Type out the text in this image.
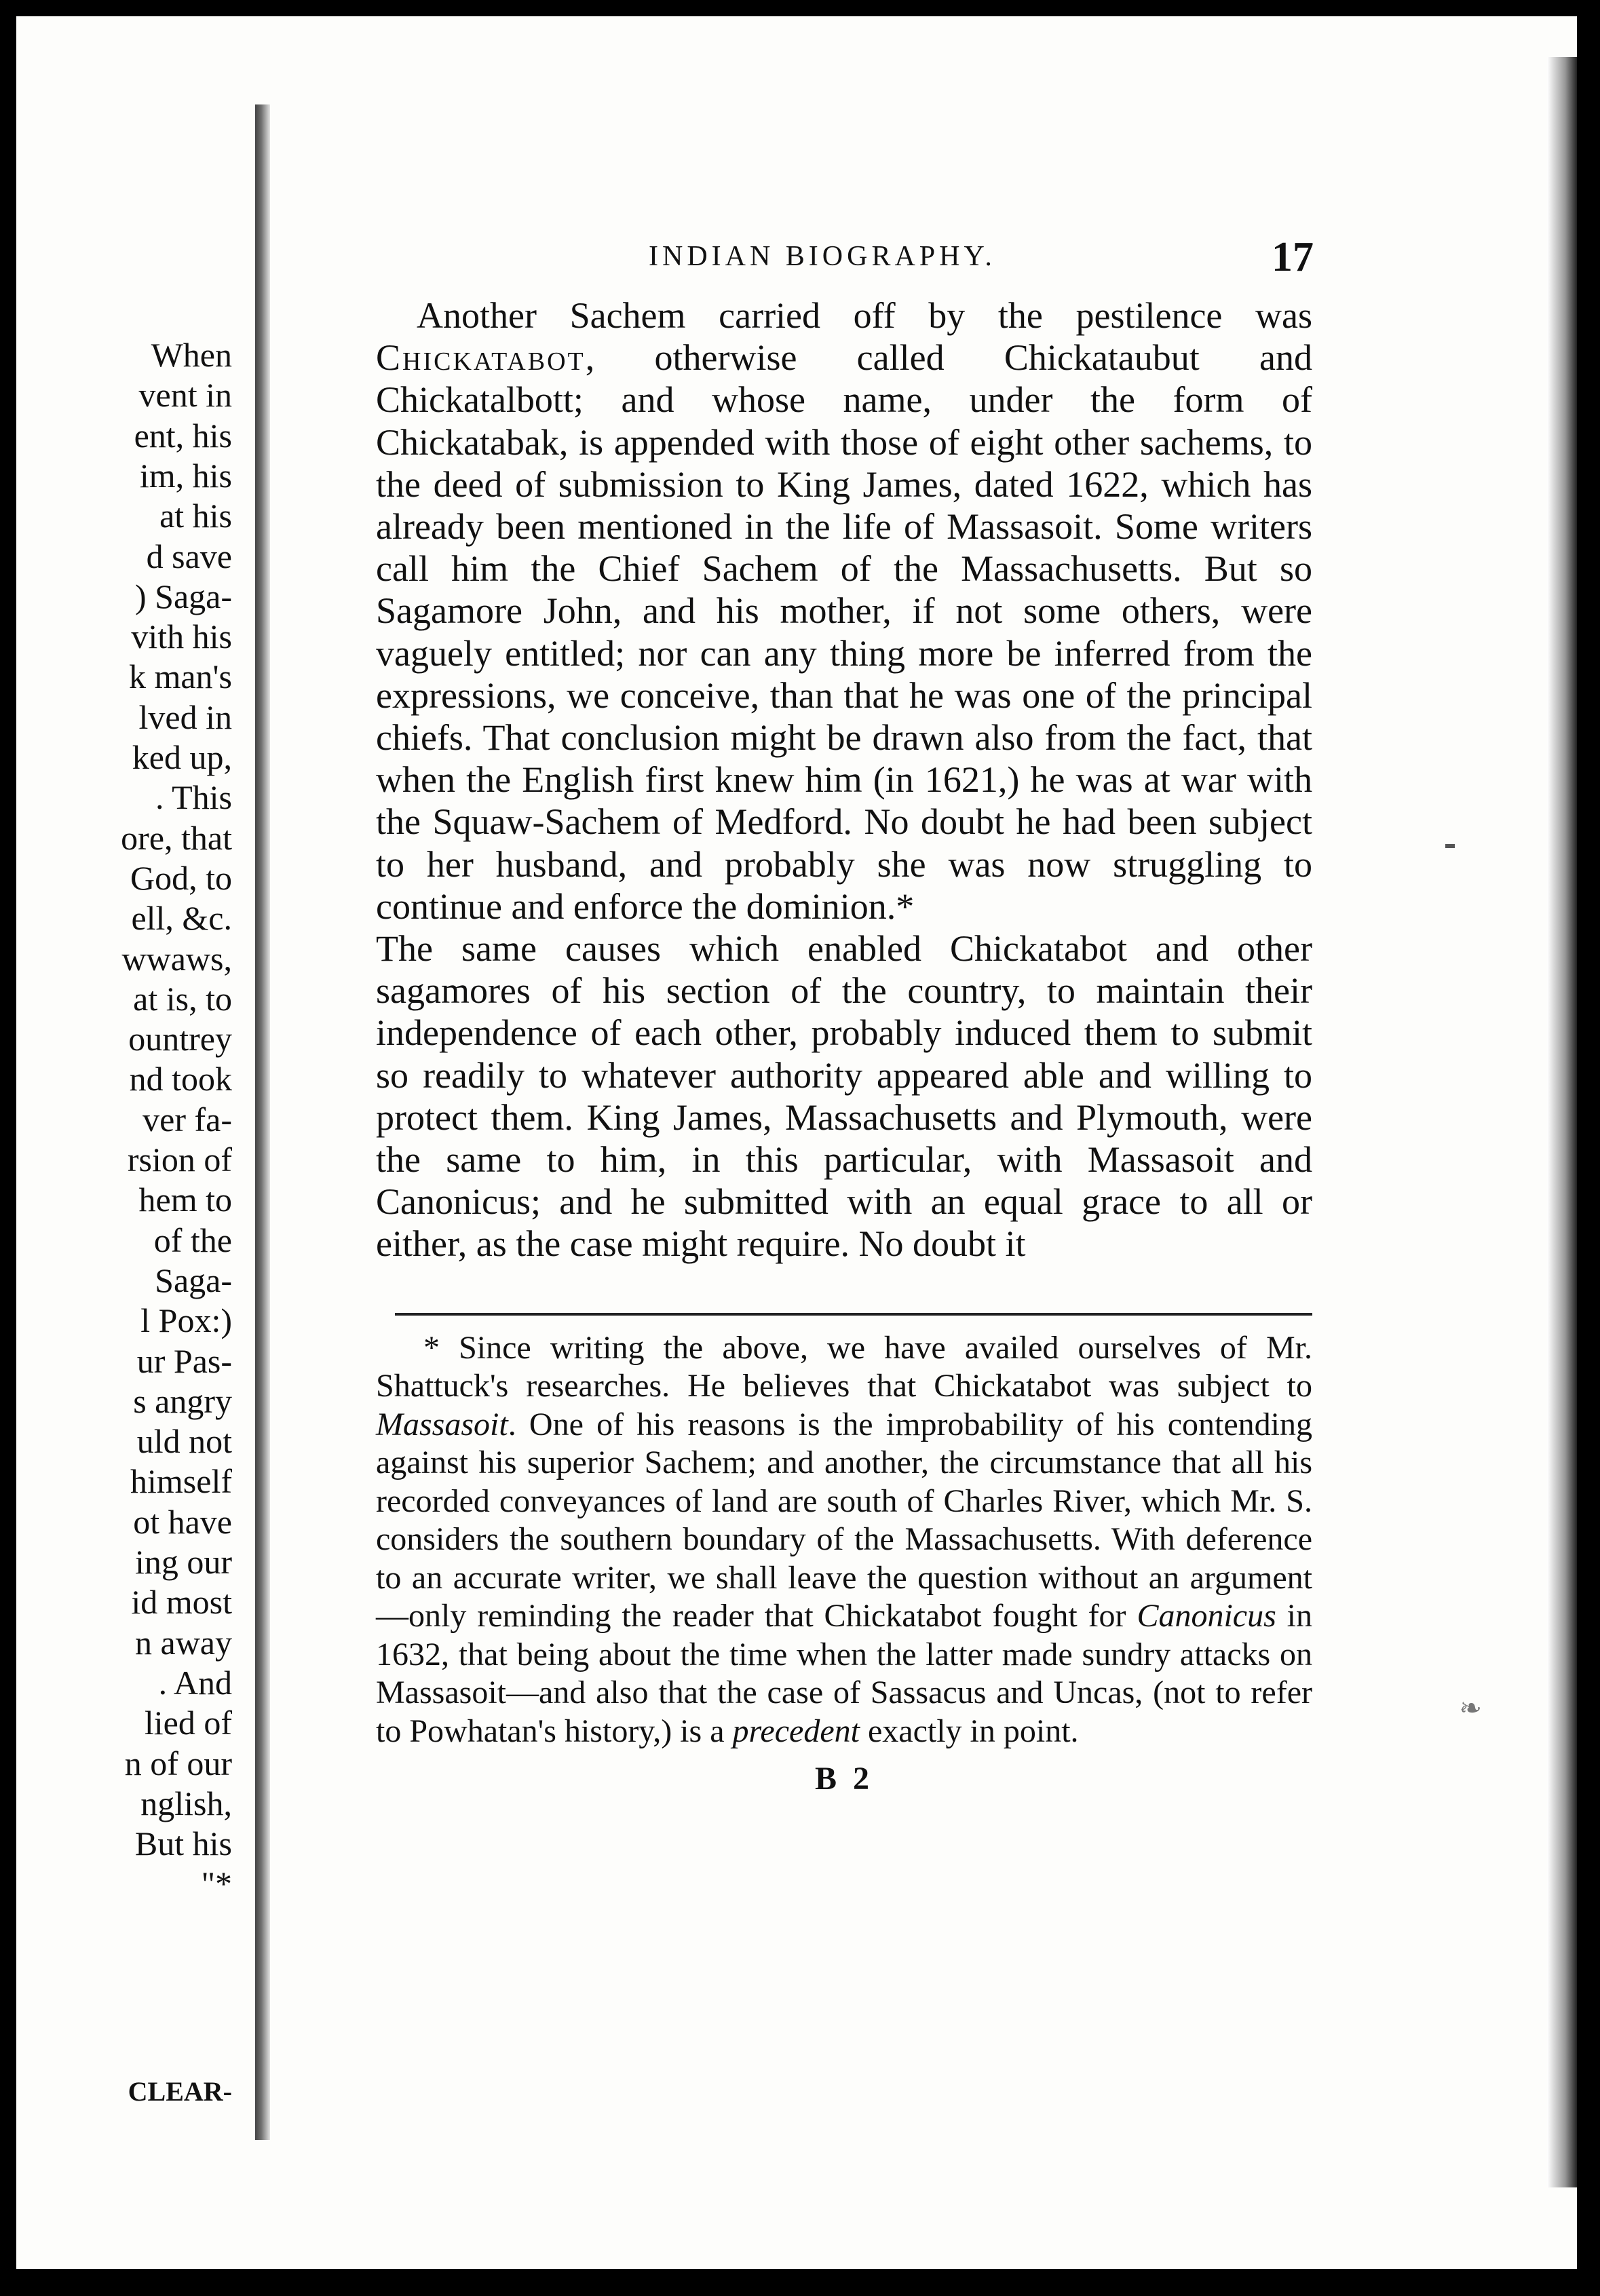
When
vent in
ent, his
im, his
at his
d save
) Saga-
vith his
k man's
lved in
ked up,
. This
ore, that
God, to
ell, &c.
wwaws,
at is, to
ountrey
nd took
ver fa-
rsion of
hem to
of the
Saga-
l Pox:)
ur Pas-
s angry
uld not
himself
ot have
ing our
id most
n away
. And
lied of
n of our
nglish,
But his
"*
CLEAR-
INDIAN BIOGRAPHY.	17

Another Sachem carried off by the pestilence was Chickatabot, otherwise called Chickataubut and Chickatalbott; and whose name, under the form of Chickatabak, is appended with those of eight other sachems, to the deed of submission to King James, dated 1622, which has already been mentioned in the life of Massasoit. Some writers call him the Chief Sachem of the Massachusetts. But so Sagamore John, and his mother, if not some others, were vaguely entitled; nor can any thing more be inferred from the expressions, we conceive, than that he was one of the principal chiefs. That conclusion might be drawn also from the fact, that when the English first knew him (in 1621,) he was at war with the Squaw-Sachem of Medford. No doubt he had been subject to her husband, and probably she was now struggling to continue and enforce the dominion.*

The same causes which enabled Chickatabot and other sagamores of his section of the country, to maintain their independence of each other, probably induced them to submit so readily to whatever authority appeared able and willing to protect them. King James, Massachusetts and Plymouth, were the same to him, in this particular, with Massasoit and Canonicus; and he submitted with an equal grace to all or either, as the case might require. No doubt it

* Since writing the above, we have availed ourselves of Mr. Shattuck's researches. He believes that Chickatabot was subject to Massasoit. One of his reasons is the improbability of his contending against his superior Sachem; and another, the circumstance that all his recorded conveyances of land are south of Charles River, which Mr. S. considers the southern boundary of the Massachusetts. With deference to an accurate writer, we shall leave the question without an argument—only reminding the reader that Chickatabot fought for Canonicus in 1632, that being about the time when the latter made sundry attacks on Massasoit—and also that the case of Sassacus and Uncas, (not to refer to Powhatan's history,) is a precedent exactly in point.

B 2
❧
